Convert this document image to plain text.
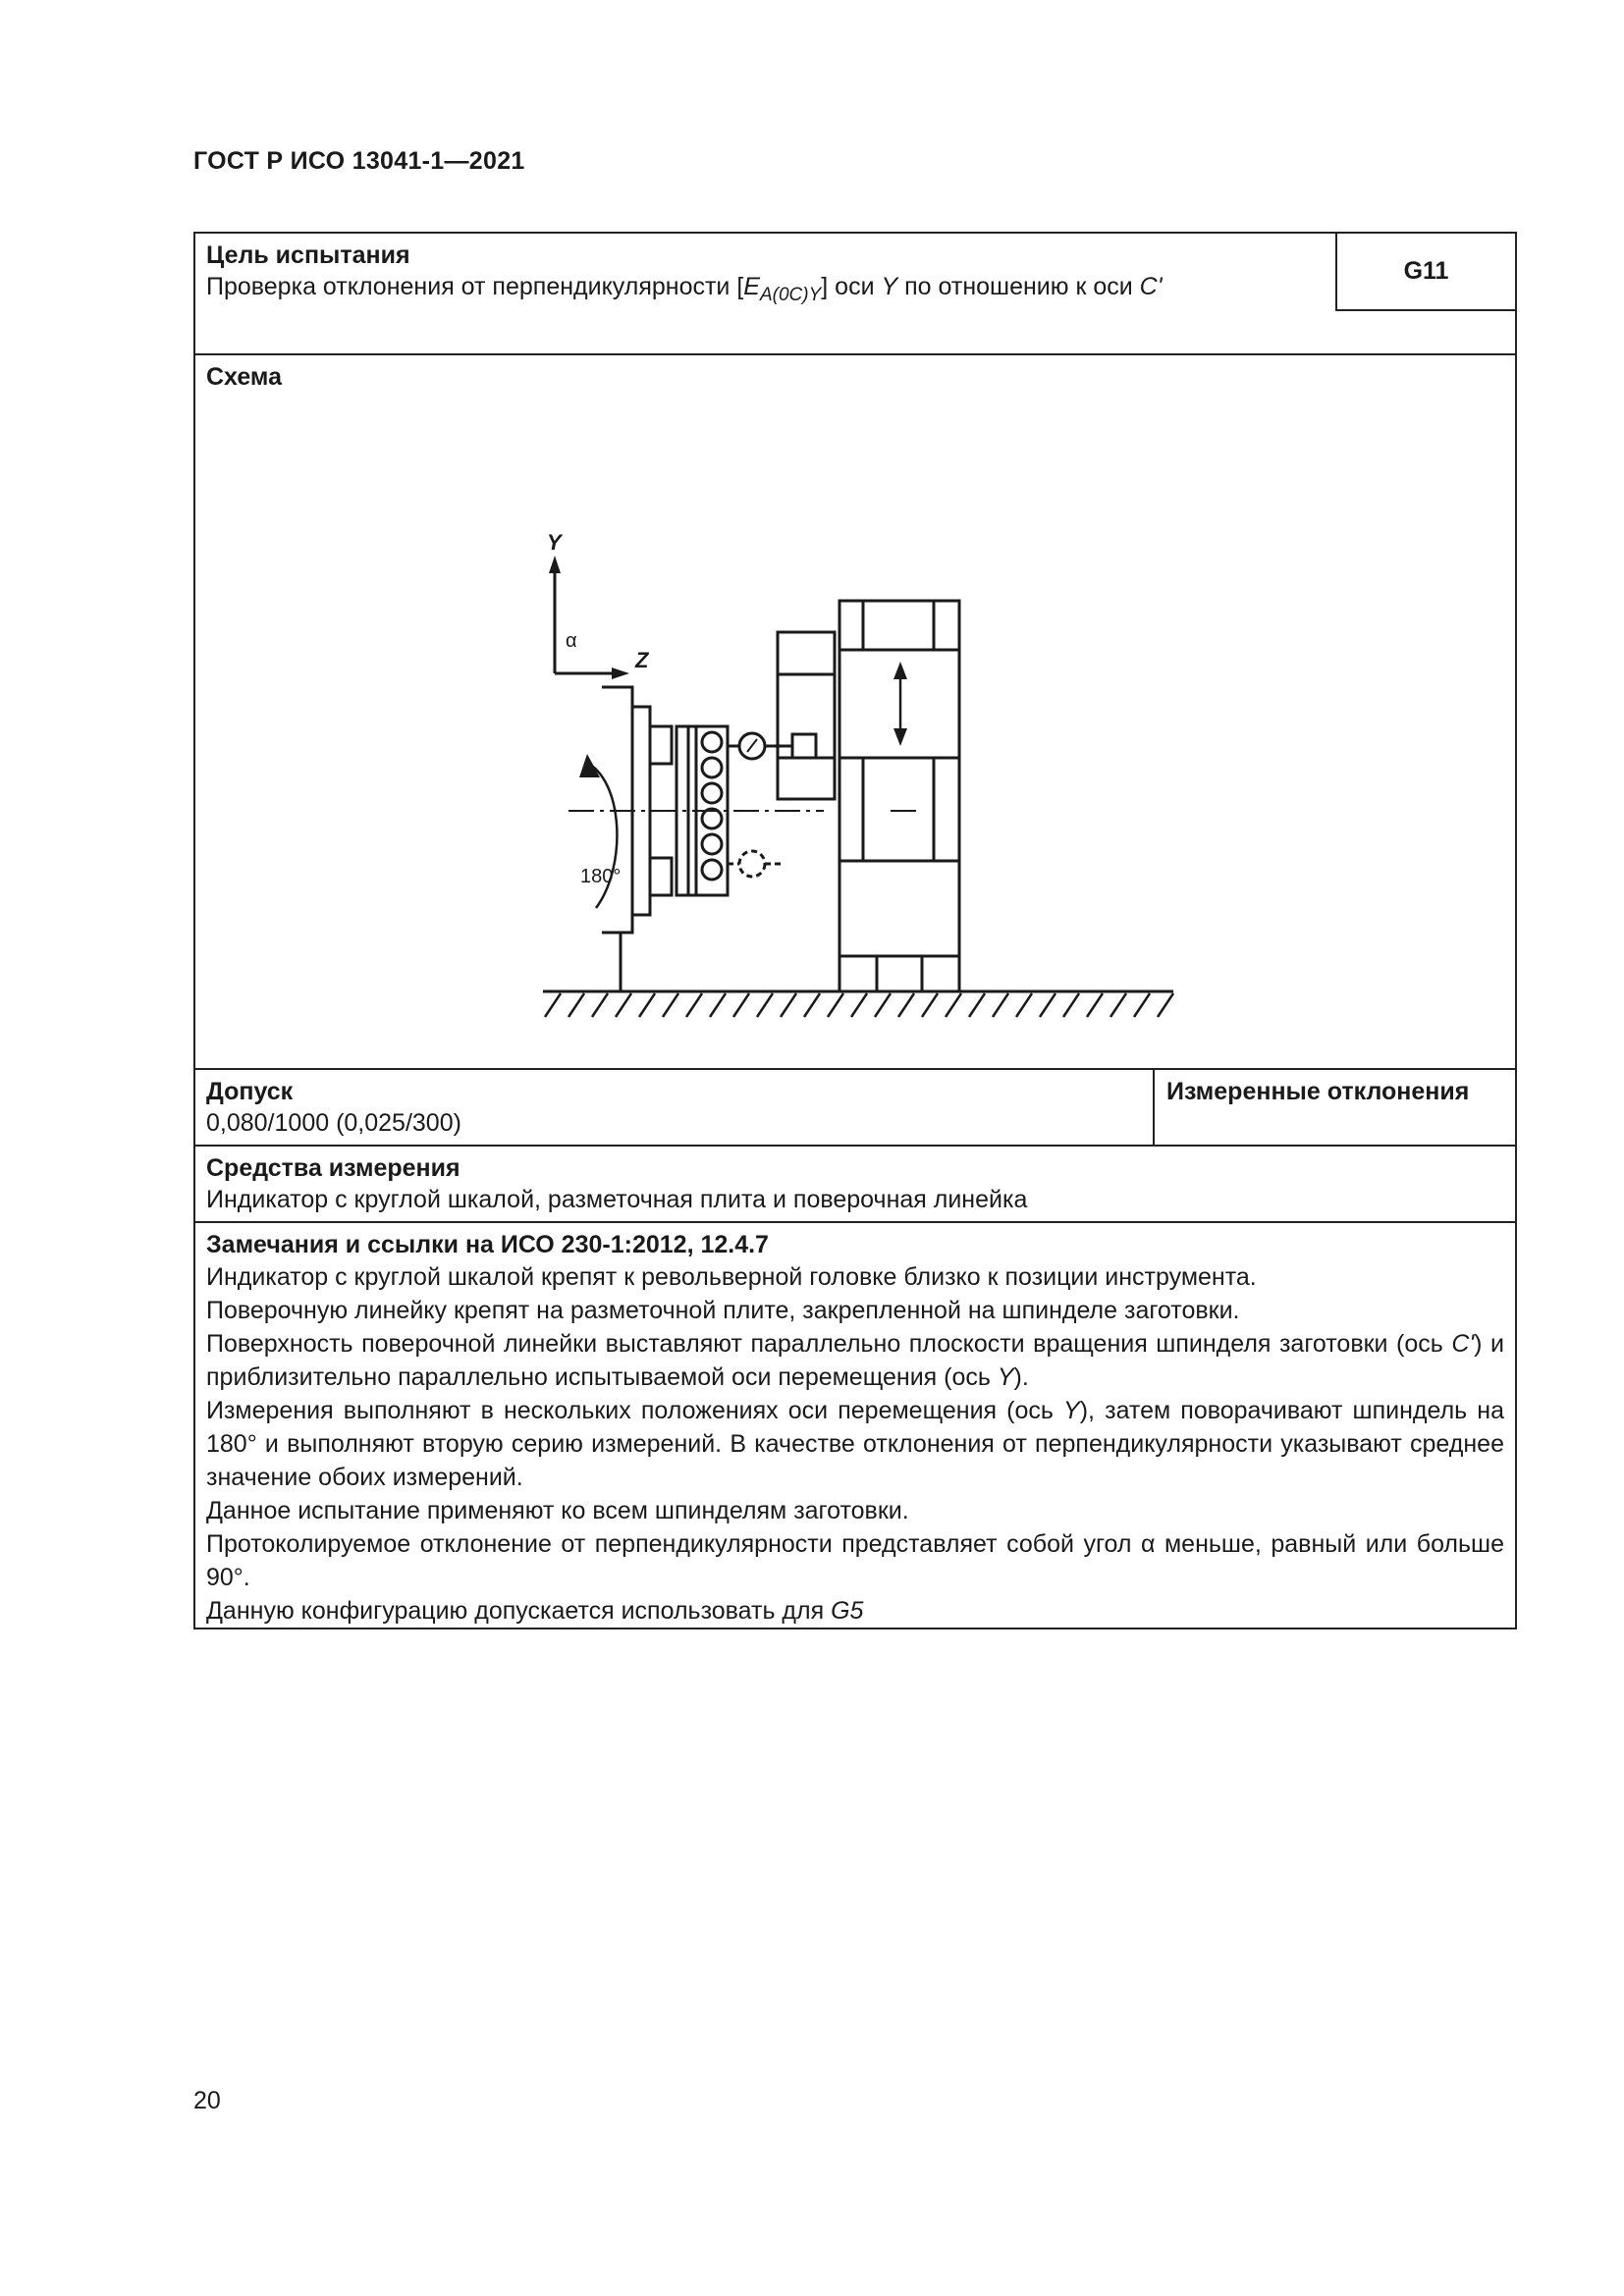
ГОСТ Р ИСО 13041-1—2021
Цель испытания
Проверка отклонения от перпендикулярности $[E_{A(0C)Y}]$ оси Y по отношению к оси C'
G11
Схема
Y
Z
α
180°
Допуск
0,080/1000 (0,025/300)
Измеренные отклонения
Средства измерения
Индикатор с круглой шкалой, разметочная плита и поверочная линейка
Замечания и ссылки на ИСО 230-1:2012, 12.4.7

Индикатор с круглой шкалой крепят к револьверной головке близко к позиции инструмента.

Поверочную линейку крепят на разметочной плите, закрепленной на шпинделе заготовки.

Поверхность поверочной линейки выставляют параллельно плоскости вращения шпинделя заготовки (ось C') и приблизительно параллельно испытываемой оси перемещения (ось Y).

Измерения выполняют в нескольких положениях оси перемещения (ось Y), затем поворачивают шпиндель на 180° и выполняют вторую серию измерений. В качестве отклонения от перпендикулярности указывают среднее значение обоих измерений.

Данное испытание применяют ко всем шпинделям заготовки.

Протоколируемое отклонение от перпендикулярности представляет собой угол α меньше, равный или больше 90°.

Данную конфигурацию допускается использовать для G5

20
